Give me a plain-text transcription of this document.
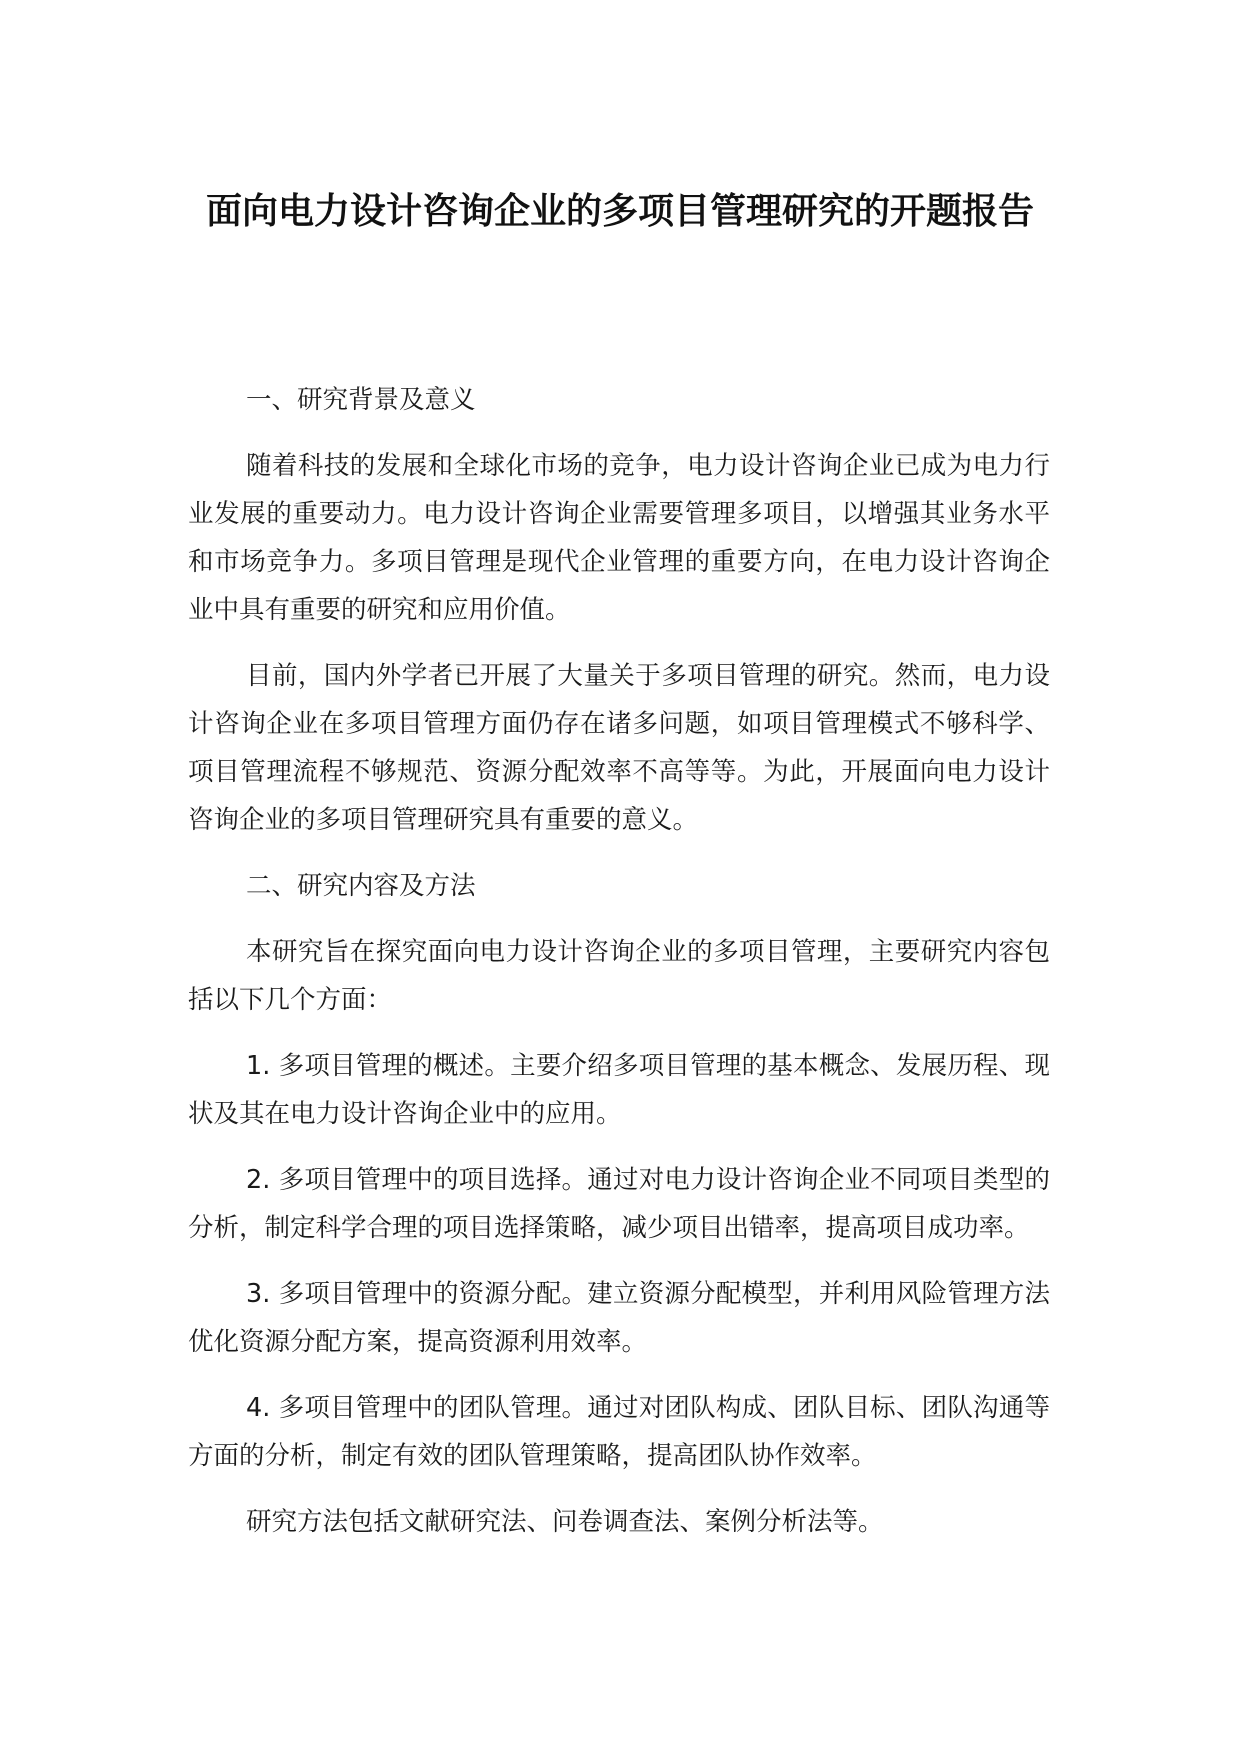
面向电力设计咨询企业的多项目管理研究的开题报告

一、研究背景及意义

随着科技的发展和全球化市场的竞争，电力设计咨询企业已成为电力行业发展的重要动力。电力设计咨询企业需要管理多项目，以增强其业务水平和市场竞争力。多项目管理是现代企业管理的重要方向，在电力设计咨询企业中具有重要的研究和应用价值。

目前，国内外学者已开展了大量关于多项目管理的研究。然而，电力设计咨询企业在多项目管理方面仍存在诸多问题，如项目管理模式不够科学、项目管理流程不够规范、资源分配效率不高等等。为此，开展面向电力设计咨询企业的多项目管理研究具有重要的意义。

二、研究内容及方法

本研究旨在探究面向电力设计咨询企业的多项目管理，主要研究内容包括以下几个方面：

1. 多项目管理的概述。主要介绍多项目管理的基本概念、发展历程、现状及其在电力设计咨询企业中的应用。

2. 多项目管理中的项目选择。通过对电力设计咨询企业不同项目类型的分析，制定科学合理的项目选择策略，减少项目出错率，提高项目成功率。

3. 多项目管理中的资源分配。建立资源分配模型，并利用风险管理方法优化资源分配方案，提高资源利用效率。

4. 多项目管理中的团队管理。通过对团队构成、团队目标、团队沟通等方面的分析，制定有效的团队管理策略，提高团队协作效率。

研究方法包括文献研究法、问卷调查法、案例分析法等。
